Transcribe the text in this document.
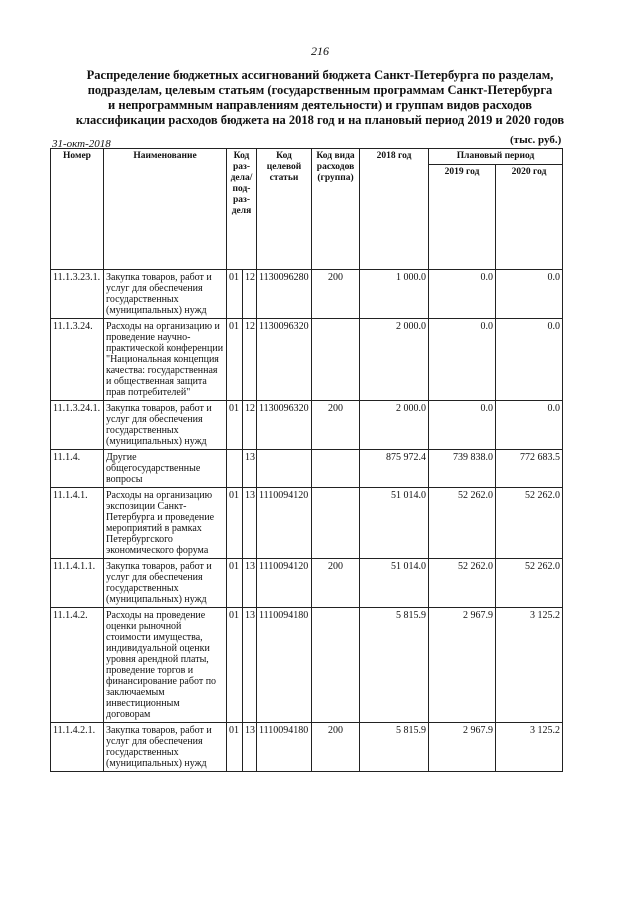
216
Распределение бюджетных ассигнований бюджета Санкт-Петербурга по разделам,
подразделам, целевым статьям (государственным программам Санкт-Петербурга
и непрограммным направлениям деятельности) и группам видов расходов
классификации расходов бюджета на 2018 год и на плановый период 2019 и 2020 годов
31-окт-2018	(тыс. руб.)
Номер	Наименование	Код раз-дела/ под-раз-деля		Код целевой статьи	Код вида расходов (группа)	2018 год	Плановый период	
							2019 год	2020 год
11.1.3.23.1.	Закупка товаров, работ и услуг для обеспечения государственных (муниципальных) нужд	01	12	1130096280	200	1 000.0	0.0	0.0
11.1.3.24.	Расходы на организацию и проведение научно-практической конференции "Национальная концепция качества: государственная и общественная защита прав потребителей"	01	12	1130096320		2 000.0	0.0	0.0
11.1.3.24.1.	Закупка товаров, работ и услуг для обеспечения государственных (муниципальных) нужд	01	12	1130096320	200	2 000.0	0.0	0.0
11.1.4.	Другие общегосударственные вопросы		13			875 972.4	739 838.0	772 683.5
11.1.4.1.	Расходы на организацию экспозиции Санкт-Петербурга и проведение мероприятий в рамках Петербургского экономического форума	01	13	1110094120		51 014.0	52 262.0	52 262.0
11.1.4.1.1.	Закупка товаров, работ и услуг для обеспечения государственных (муниципальных) нужд	01	13	1110094120	200	51 014.0	52 262.0	52 262.0
11.1.4.2.	Расходы на проведение оценки рыночной стоимости имущества, индивидуальной оценки уровня арендной платы, проведение торгов и финансирование работ по заключаемым инвестиционным договорам	01	13	1110094180		5 815.9	2 967.9	3 125.2
11.1.4.2.1.	Закупка товаров, работ и услуг для обеспечения государственных (муниципальных) нужд	01	13	1110094180	200	5 815.9	2 967.9	3 125.2
